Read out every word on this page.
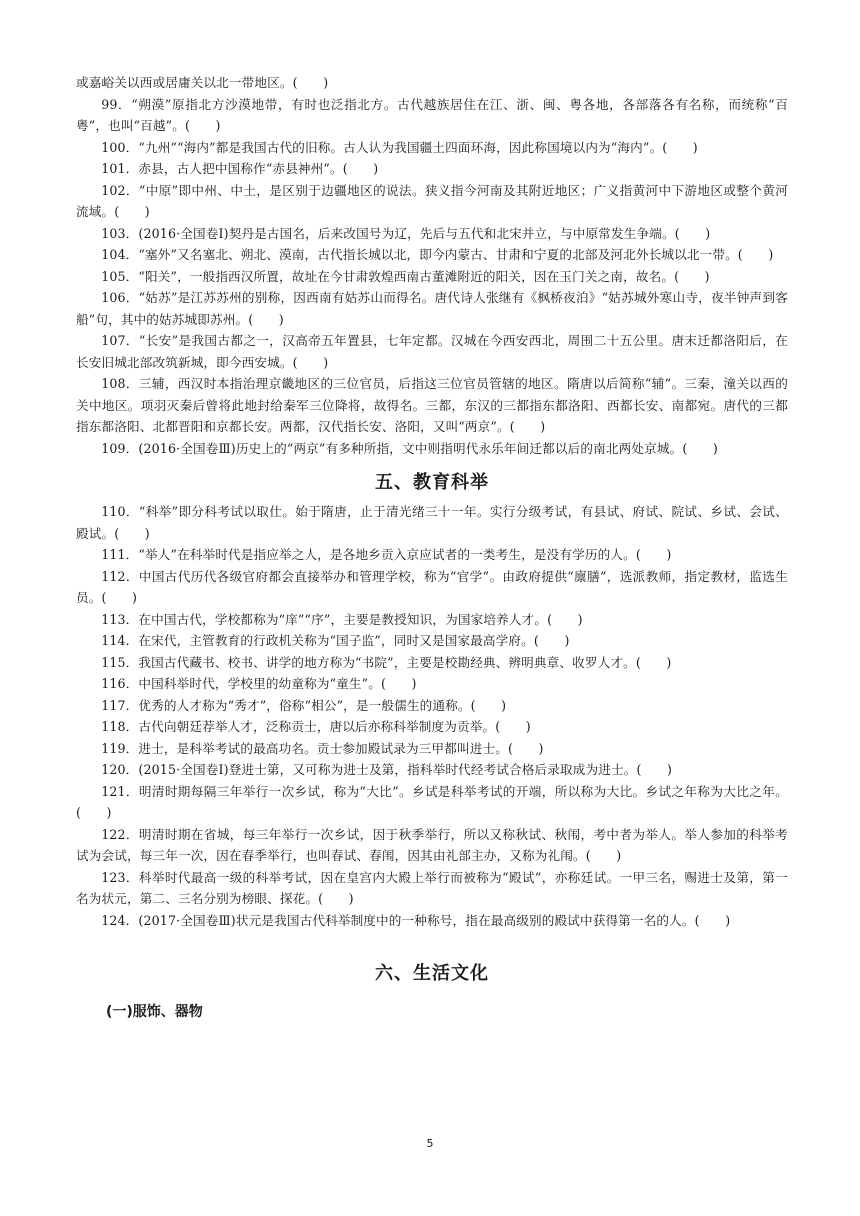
或嘉峪关以西或居庸关以北一带地区。(　　)

99．“朔漠”原指北方沙漠地带，有时也泛指北方。古代越族居住在江、浙、闽、粤各地，各部落各有名称，而统称“百粤”，也叫“百越”。(　　)

100．“九州”“海内”都是我国古代的旧称。古人认为我国疆土四面环海，因此称国境以内为“海内”。(　　)

101．赤县，古人把中国称作“赤县神州”。(　　)

102．“中原”即中州、中土，是区别于边疆地区的说法。狭义指今河南及其附近地区；广义指黄河中下游地区或整个黄河流域。(　　)

103．(2016·全国卷Ⅰ)契丹是古国名，后来改国号为辽，先后与五代和北宋并立，与中原常发生争端。(　　)

104．“塞外”又名塞北、朔北、漠南，古代指长城以北，即今内蒙古、甘肃和宁夏的北部及河北外长城以北一带。(　　)

105．“阳关”，一般指西汉所置，故址在今甘肃敦煌西南古董滩附近的阳关，因在玉门关之南，故名。(　　)

106．“姑苏”是江苏苏州的别称，因西南有姑苏山而得名。唐代诗人张继有《枫桥夜泊》“姑苏城外寒山寺，夜半钟声到客船”句，其中的姑苏城即苏州。(　　)

107．“长安”是我国古都之一，汉高帝五年置县，七年定都。汉城在今西安西北，周围二十五公里。唐末迁都洛阳后，在长安旧城北部改筑新城，即今西安城。(　　)

108．三辅，西汉时本指治理京畿地区的三位官员，后指这三位官员管辖的地区。隋唐以后简称“辅”。三秦，潼关以西的关中地区。项羽灭秦后曾将此地封给秦军三位降将，故得名。三都，东汉的三都指东都洛阳、西都长安、南都宛。唐代的三都指东都洛阳、北都晋阳和京都长安。两都，汉代指长安、洛阳，又叫“两京”。(　　)

109．(2016·全国卷Ⅲ)历史上的“两京”有多种所指，文中则指明代永乐年间迁都以后的南北两处京城。(　　)

五、教育科举

110．“科举”即分科考试以取仕。始于隋唐，止于清光绪三十一年。实行分级考试，有县试、府试、院试、乡试、会试、殿试。(　　)

111．“举人”在科举时代是指应举之人，是各地乡贡入京应试者的一类考生，是没有学历的人。(　　)

112．中国古代历代各级官府都会直接举办和管理学校，称为“官学”。由政府提供“廪膳”，选派教师，指定教材，监选生员。(　　)

113．在中国古代，学校都称为“庠”“序”，主要是教授知识，为国家培养人才。(　　)

114．在宋代，主管教育的行政机关称为“国子监”，同时又是国家最高学府。(　　)

115．我国古代藏书、校书、讲学的地方称为“书院”，主要是校勘经典、辨明典章、收罗人才。(　　)

116．中国科举时代，学校里的幼童称为“童生”。(　　)

117．优秀的人才称为“秀才”，俗称“相公”，是一般儒生的通称。(　　)

118．古代向朝廷荐举人才，泛称贡士，唐以后亦称科举制度为贡举。(　　)

119．进士，是科举考试的最高功名。贡士参加殿试录为三甲都叫进士。(　　)

120．(2015·全国卷Ⅰ)登进士第，又可称为进士及第，指科举时代经考试合格后录取成为进士。(　　)

121．明清时期每隔三年举行一次乡试，称为“大比”。乡试是科举考试的开端，所以称为大比。乡试之年称为大比之年。(　　)

122．明清时期在省城，每三年举行一次乡试，因于秋季举行，所以又称秋试、秋闱，考中者为举人。举人参加的科举考试为会试，每三年一次，因在春季举行，也叫春试、春闱，因其由礼部主办，又称为礼闱。(　　)

123．科举时代最高一级的科举考试，因在皇宫内大殿上举行而被称为“殿试”，亦称廷试。一甲三名，赐进士及第，第一名为状元，第二、三名分别为榜眼、探花。(　　)

124．(2017·全国卷Ⅲ)状元是我国古代科举制度中的一种称号，指在最高级别的殿试中获得第一名的人。(　　)

六、生活文化
(一)服饰、器物
5
